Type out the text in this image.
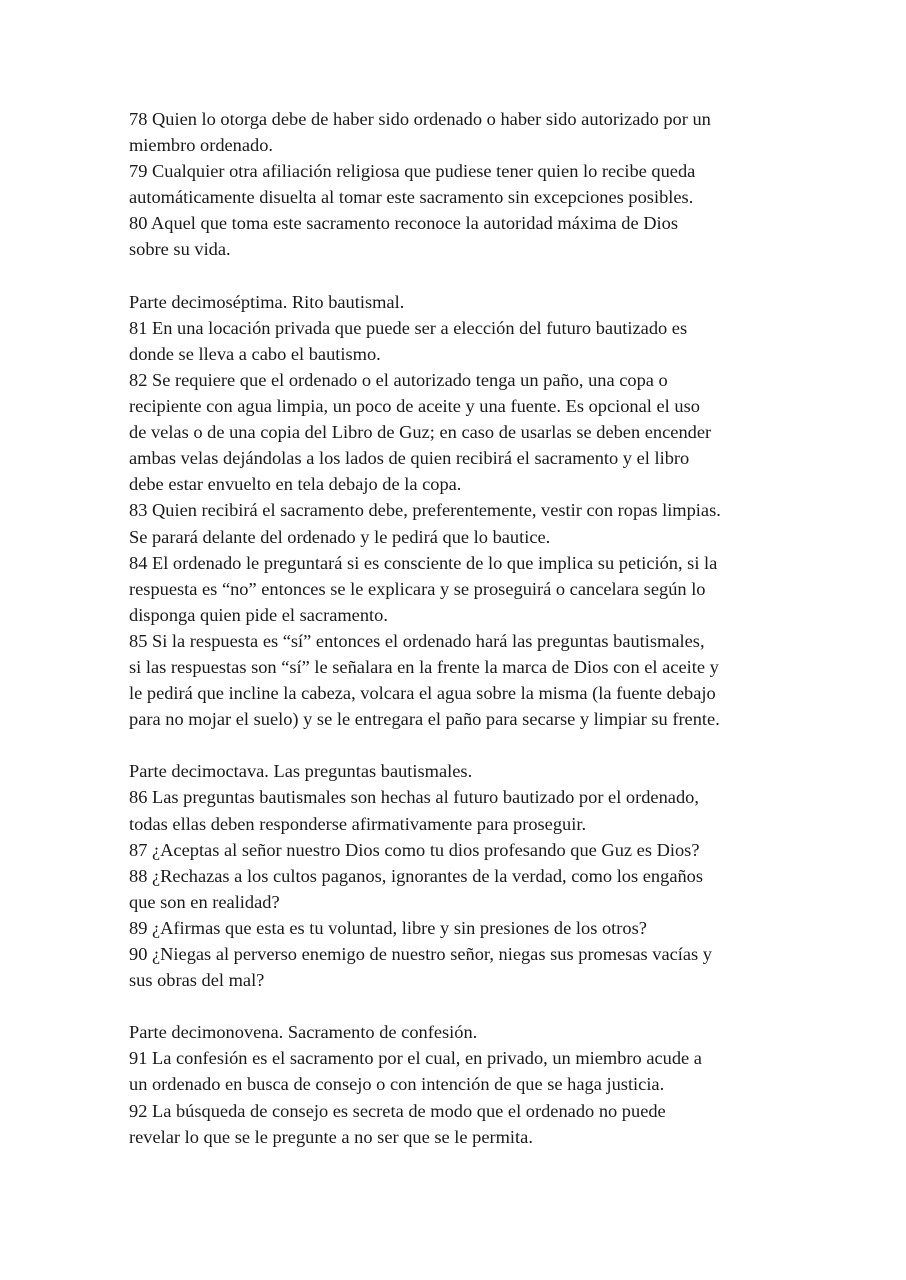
78 Quien lo otorga debe de haber sido ordenado o haber sido autorizado por un
miembro ordenado.
79 Cualquier otra afiliación religiosa que pudiese tener quien lo recibe queda
automáticamente disuelta al tomar este sacramento sin excepciones posibles.
80 Aquel que toma este sacramento reconoce la autoridad máxima de Dios
sobre su vida.
Parte decimoséptima. Rito bautismal.
81 En una locación privada que puede ser a elección del futuro bautizado es
donde se lleva a cabo el bautismo.
82 Se requiere que el ordenado o el autorizado tenga un paño, una copa o
recipiente con agua limpia, un poco de aceite y una fuente. Es opcional el uso
de velas o de una copia del Libro de Guz; en caso de usarlas se deben encender
ambas velas dejándolas a los lados de quien recibirá el sacramento y el libro
debe estar envuelto en tela debajo de la copa.
83 Quien recibirá el sacramento debe, preferentemente, vestir con ropas limpias.
Se parará delante del ordenado y le pedirá que lo bautice.
84 El ordenado le preguntará si es consciente de lo que implica su petición, si la
respuesta es “no” entonces se le explicara y se proseguirá o cancelara según lo
disponga quien pide el sacramento.
85 Si la respuesta es “sí” entonces el ordenado hará las preguntas bautismales,
si las respuestas son “sí” le señalara en la frente la marca de Dios con el aceite y
le pedirá que incline la cabeza, volcara el agua sobre la misma (la fuente debajo
para no mojar el suelo) y se le entregara el paño para secarse y limpiar su frente.
Parte decimoctava. Las preguntas bautismales.
86 Las preguntas bautismales son hechas al futuro bautizado por el ordenado,
todas ellas deben responderse afirmativamente para proseguir.
87 ¿Aceptas al señor nuestro Dios como tu dios profesando que Guz es Dios?
88 ¿Rechazas a los cultos paganos, ignorantes de la verdad, como los engaños
que son en realidad?
89 ¿Afirmas que esta es tu voluntad, libre y sin presiones de los otros?
90 ¿Niegas al perverso enemigo de nuestro señor, niegas sus promesas vacías y
sus obras del mal?
Parte decimonovena. Sacramento de confesión.
91 La confesión es el sacramento por el cual, en privado, un miembro acude a
un ordenado en busca de consejo o con intención de que se haga justicia.
92 La búsqueda de consejo es secreta de modo que el ordenado no puede
revelar lo que se le pregunte a no ser que se le permita.
